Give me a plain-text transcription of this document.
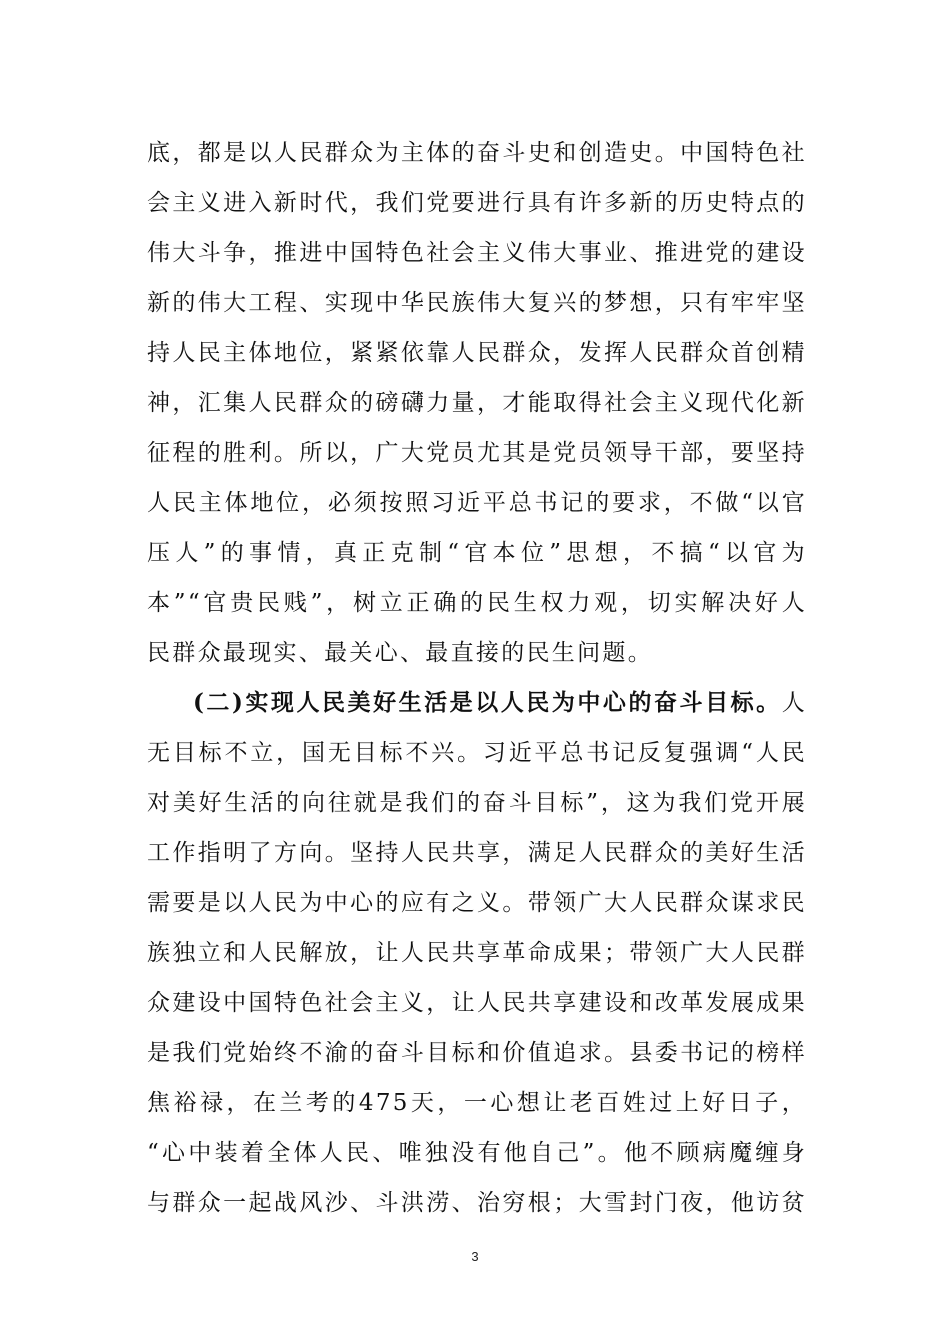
底，都是以人民群众为主体的奋斗史和创造史。中国特色社
会主义进入新时代，我们党要进行具有许多新的历史特点的
伟大斗争，推进中国特色社会主义伟大事业、推进党的建设
新的伟大工程、实现中华民族伟大复兴的梦想，只有牢牢坚
持人民主体地位，紧紧依靠人民群众，发挥人民群众首创精
神，汇集人民群众的磅礴力量，才能取得社会主义现代化新
征程的胜利。所以，广大党员尤其是党员领导干部，要坚持
人民主体地位，必须按照习近平总书记的要求，不做“以官
压人”的事情，真正克制“官本位”思想，不搞“以官为
本”“官贵民贱”，树立正确的民生权力观，切实解决好人
民群众最现实、最关心、最直接的民生问题。
(二)实现人民美好生活是以人民为中心的奋斗目标。人
无目标不立，国无目标不兴。习近平总书记反复强调“人民
对美好生活的向往就是我们的奋斗目标”，这为我们党开展
工作指明了方向。坚持人民共享，满足人民群众的美好生活
需要是以人民为中心的应有之义。带领广大人民群众谋求民
族独立和人民解放，让人民共享革命成果；带领广大人民群
众建设中国特色社会主义，让人民共享建设和改革发展成果
是我们党始终不渝的奋斗目标和价值追求。县委书记的榜样
焦裕禄，在兰考的475天，一心想让老百姓过上好日子，
“心中装着全体人民、唯独没有他自己”。他不顾病魔缠身
与群众一起战风沙、斗洪涝、治穷根；大雪封门夜，他访贫
3
